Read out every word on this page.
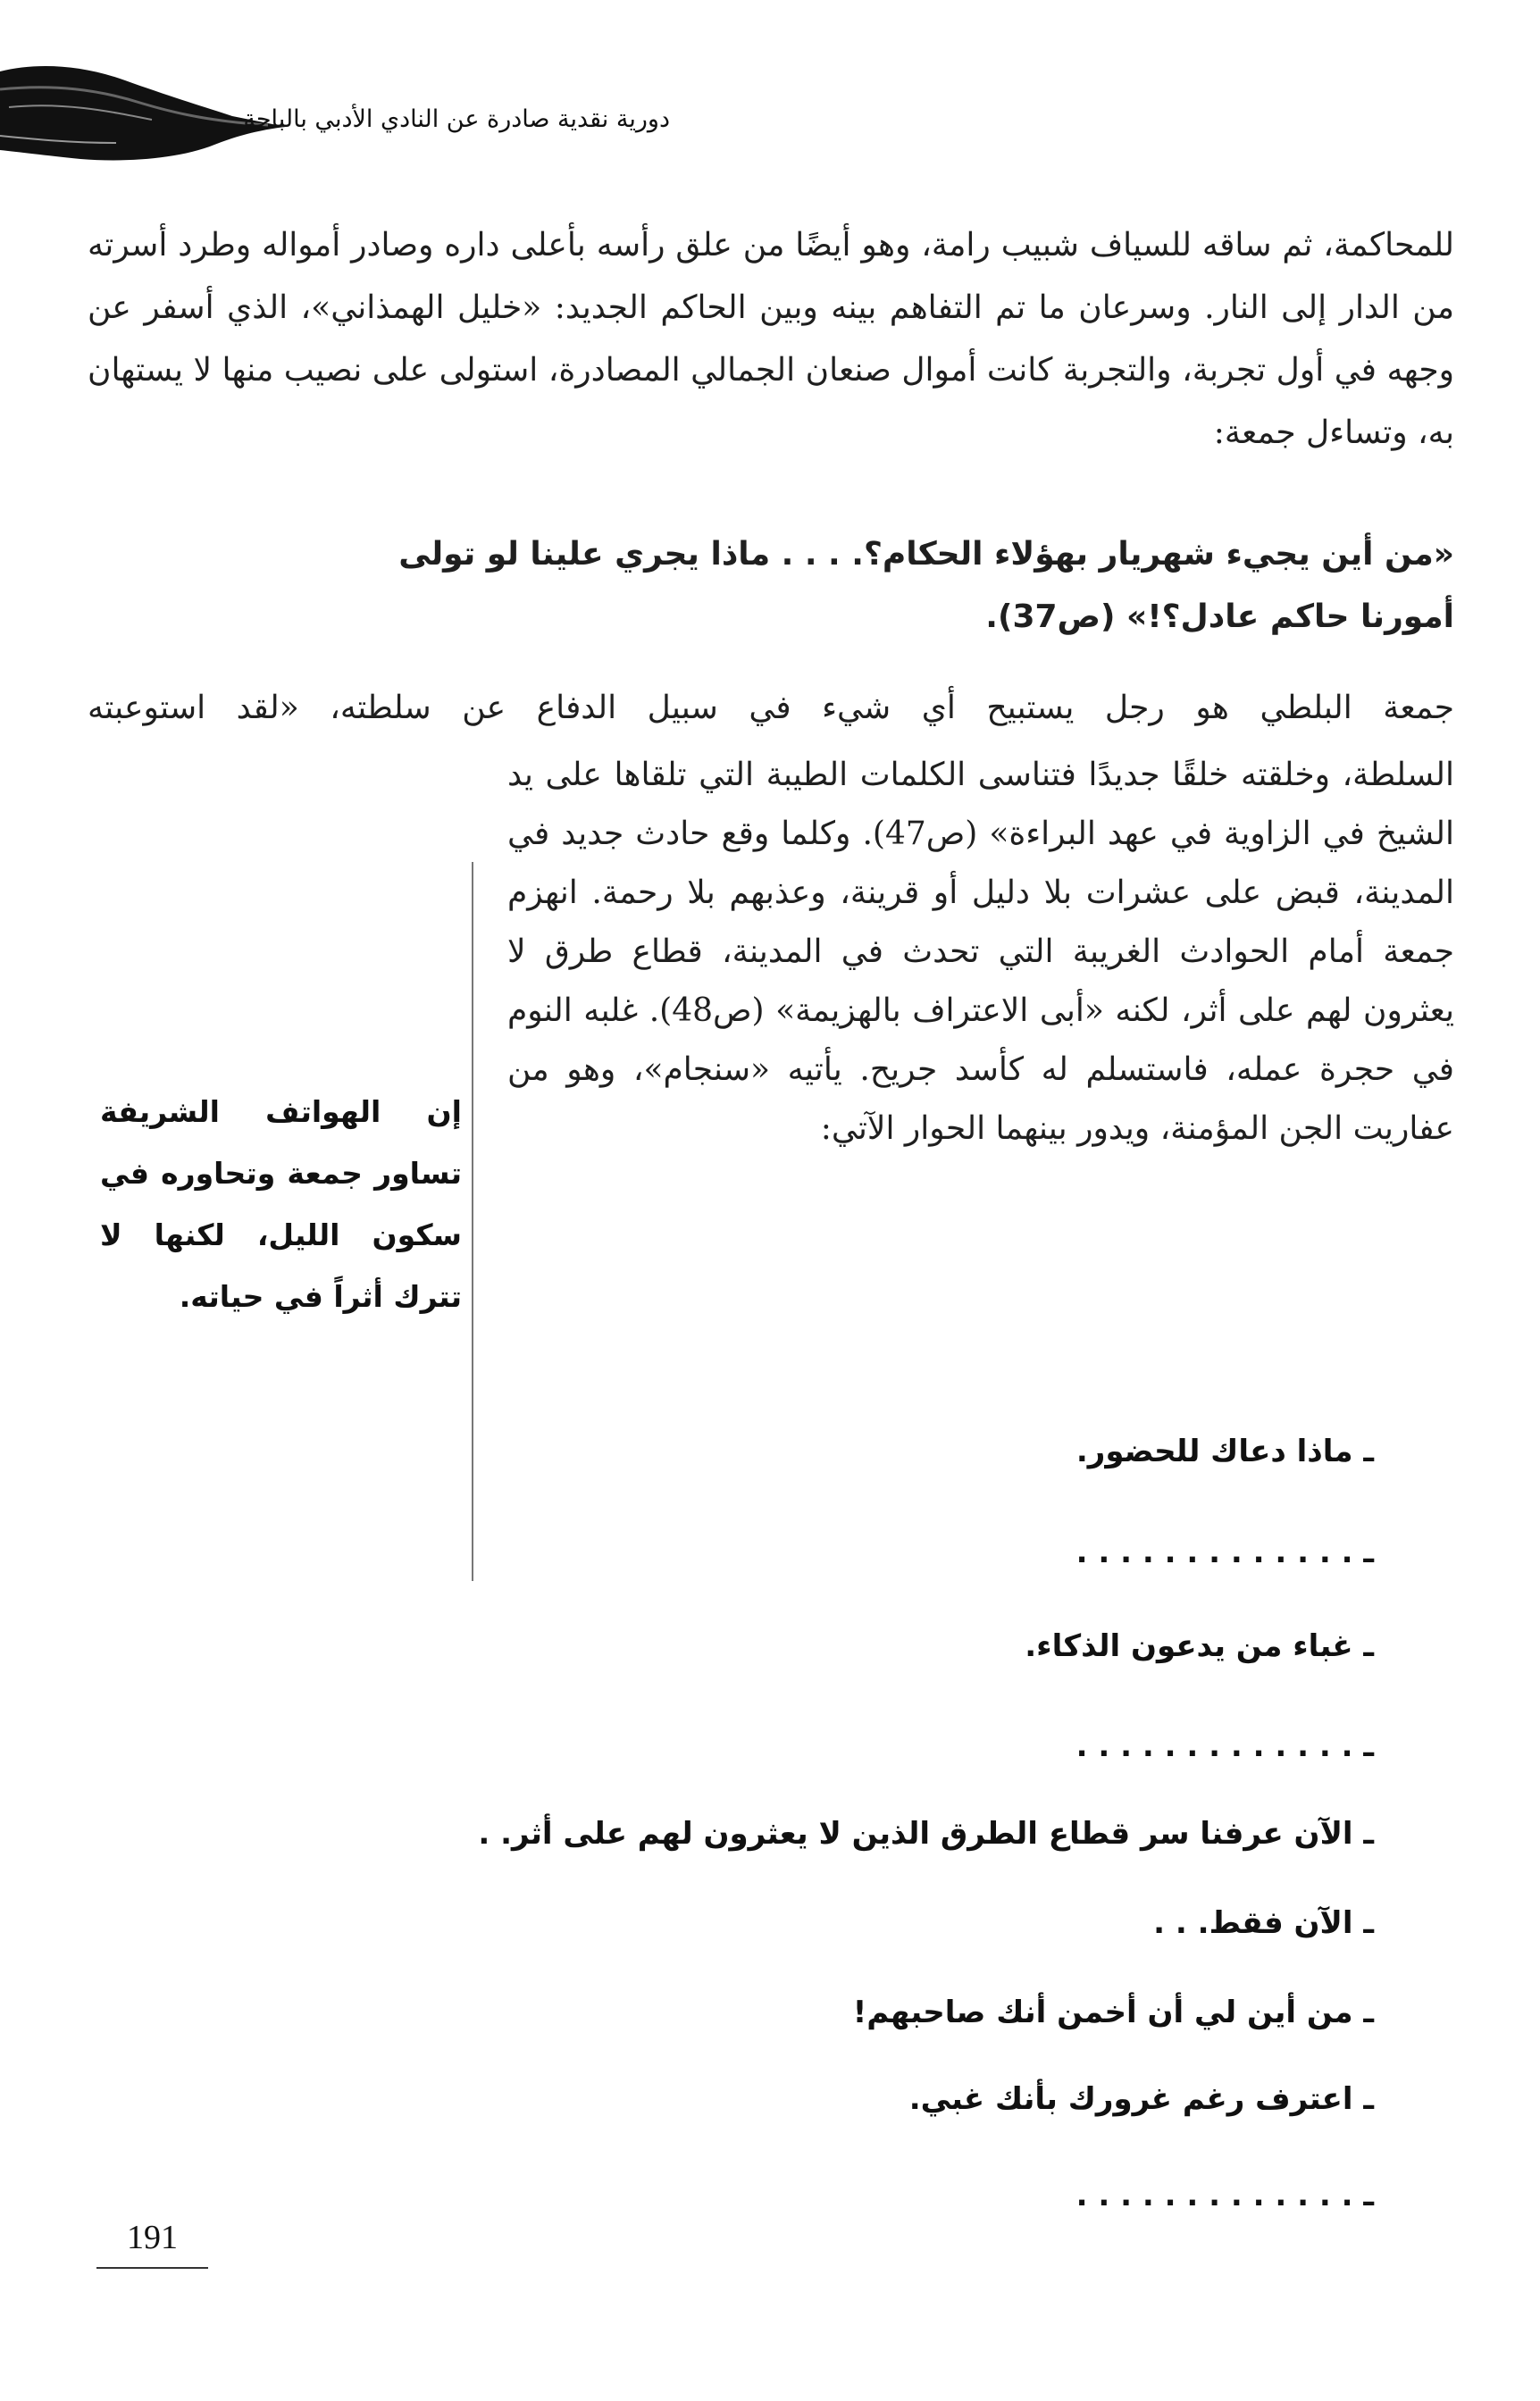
دورية نقدية صادرة عن النادي الأدبي بالباحة
للمحاكمة، ثم ساقه للسياف شبيب رامة، وهو أيضًا من علق رأسه بأعلى داره وصادر أمواله وطرد أسرته من الدار إلى النار. وسرعان ما تم التفاهم بينه وبين الحاكم الجديد: «خليل الهمذاني»، الذي أسفر عن وجهه في أول تجربة، والتجربة كانت أموال صنعان الجمالي المصادرة، استولى على نصيب منها لا يستهان به، وتساءل جمعة:
«من أين يجيء شهريار بهؤلاء الحكام؟. . . . ماذا يجري علينا لو تولى
أمورنا حاكم عادل؟!» (ص37).
جمعة البلطي هو رجل يستبيح أي شيء في سبيل الدفاع عن سلطته، «لقد استوعبته
السلطة، وخلقته خلقًا جديدًا فتناسى الكلمات الطيبة التي تلقاها على يد الشيخ في الزاوية في عهد البراءة» (ص47). وكلما وقع حادث جديد في المدينة، قبض على عشرات بلا دليل أو قرينة، وعذبهم بلا رحمة. انهزم جمعة أمام الحوادث الغريبة التي تحدث في المدينة، قطاع طرق لا يعثرون لهم على أثر، لكنه «أبى الاعتراف بالهزيمة» (ص48). غلبه النوم في حجرة عمله، فاستسلم له كأسد جريح. يأتيه «سنجام»، وهو من عفاريت الجن المؤمنة، ويدور بينهما الحوار الآتي:
إن الهواتف الشريفة تساور جمعة وتحاوره في سكون الليل، لكنها لا تترك أثراً في حياته.
ـ ماذا دعاك للحضور.
ـ . . . . . . . . . . . . .
ـ غباء من يدعون الذكاء.
ـ . . . . . . . . . . . . .
ـ الآن عرفنا سر قطاع الطرق الذين لا يعثرون لهم على أثر. .
ـ الآن فقط. . .
ـ من أين لي أن أخمن أنك صاحبهم!
ـ اعترف رغم غرورك بأنك غبي.
ـ . . . . . . . . . . . . .
191
